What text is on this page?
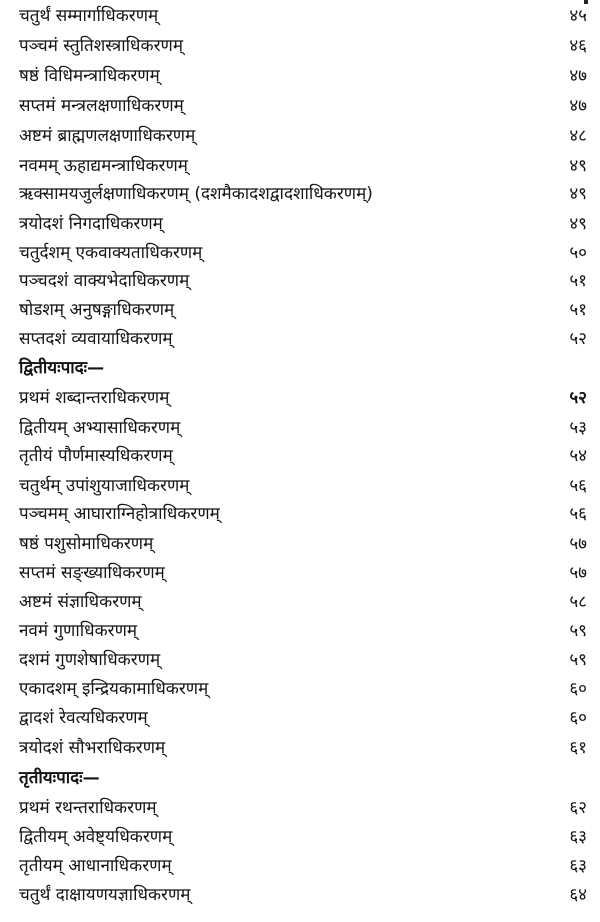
चतुर्थं सम्मार्गाधिकरणम्	४५
पञ्चमं स्तुतिशस्त्राधिकरणम्	४६
षष्ठं विधिमन्त्राधिकरणम्	४७
सप्तमं मन्त्रलक्षणाधिकरणम्	४७
अष्टमं ब्राह्मणलक्षणाधिकरणम्	४८
नवमम् ऊहाद्यमन्त्राधिकरणम्	४९
ऋक्सामयजुर्लक्षणाधिकरणम् (दशमैकादशद्वादशाधिकरणम्)	४९
त्रयोदशं निगदाधिकरणम्	४९
चतुर्दशम् एकवाक्यताधिकरणम्	५०
पञ्चदशं वाक्यभेदाधिकरणम्	५१
षोडशम् अनुषङ्गाधिकरणम्	५१
सप्तदशं व्यवायाधिकरणम्	५२
द्वितीयःपादः—
प्रथमं शब्दान्तराधिकरणम्	५२
द्वितीयम् अभ्यासाधिकरणम्	५३
तृतीयं पौर्णमास्यधिकरणम्	५४
चतुर्थम् उपांशुयाजाधिकरणम्	५६
पञ्चमम् आघाराग्निहोत्राधिकरणम्	५६
षष्ठं पशुसोमाधिकरणम्	५७
सप्तमं सङ्ख्याधिकरणम्	५७
अष्टमं संज्ञाधिकरणम्	५८
नवमं गुणाधिकरणम्	५९
दशमं गुणशेषाधिकरणम्	५९
एकादशम् इन्द्रियकामाधिकरणम्	६०
द्वादशं रेवत्यधिकरणम्	६०
त्रयोदशं सौभराधिकरणम्	६१
तृतीयःपादः—
प्रथमं रथन्तराधिकरणम्	६२
द्वितीयम् अवेष्ट्यधिकरणम्	६३
तृतीयम् आधानाधिकरणम्	६३
चतुर्थं दाक्षायणयज्ञाधिकरणम्	६४
